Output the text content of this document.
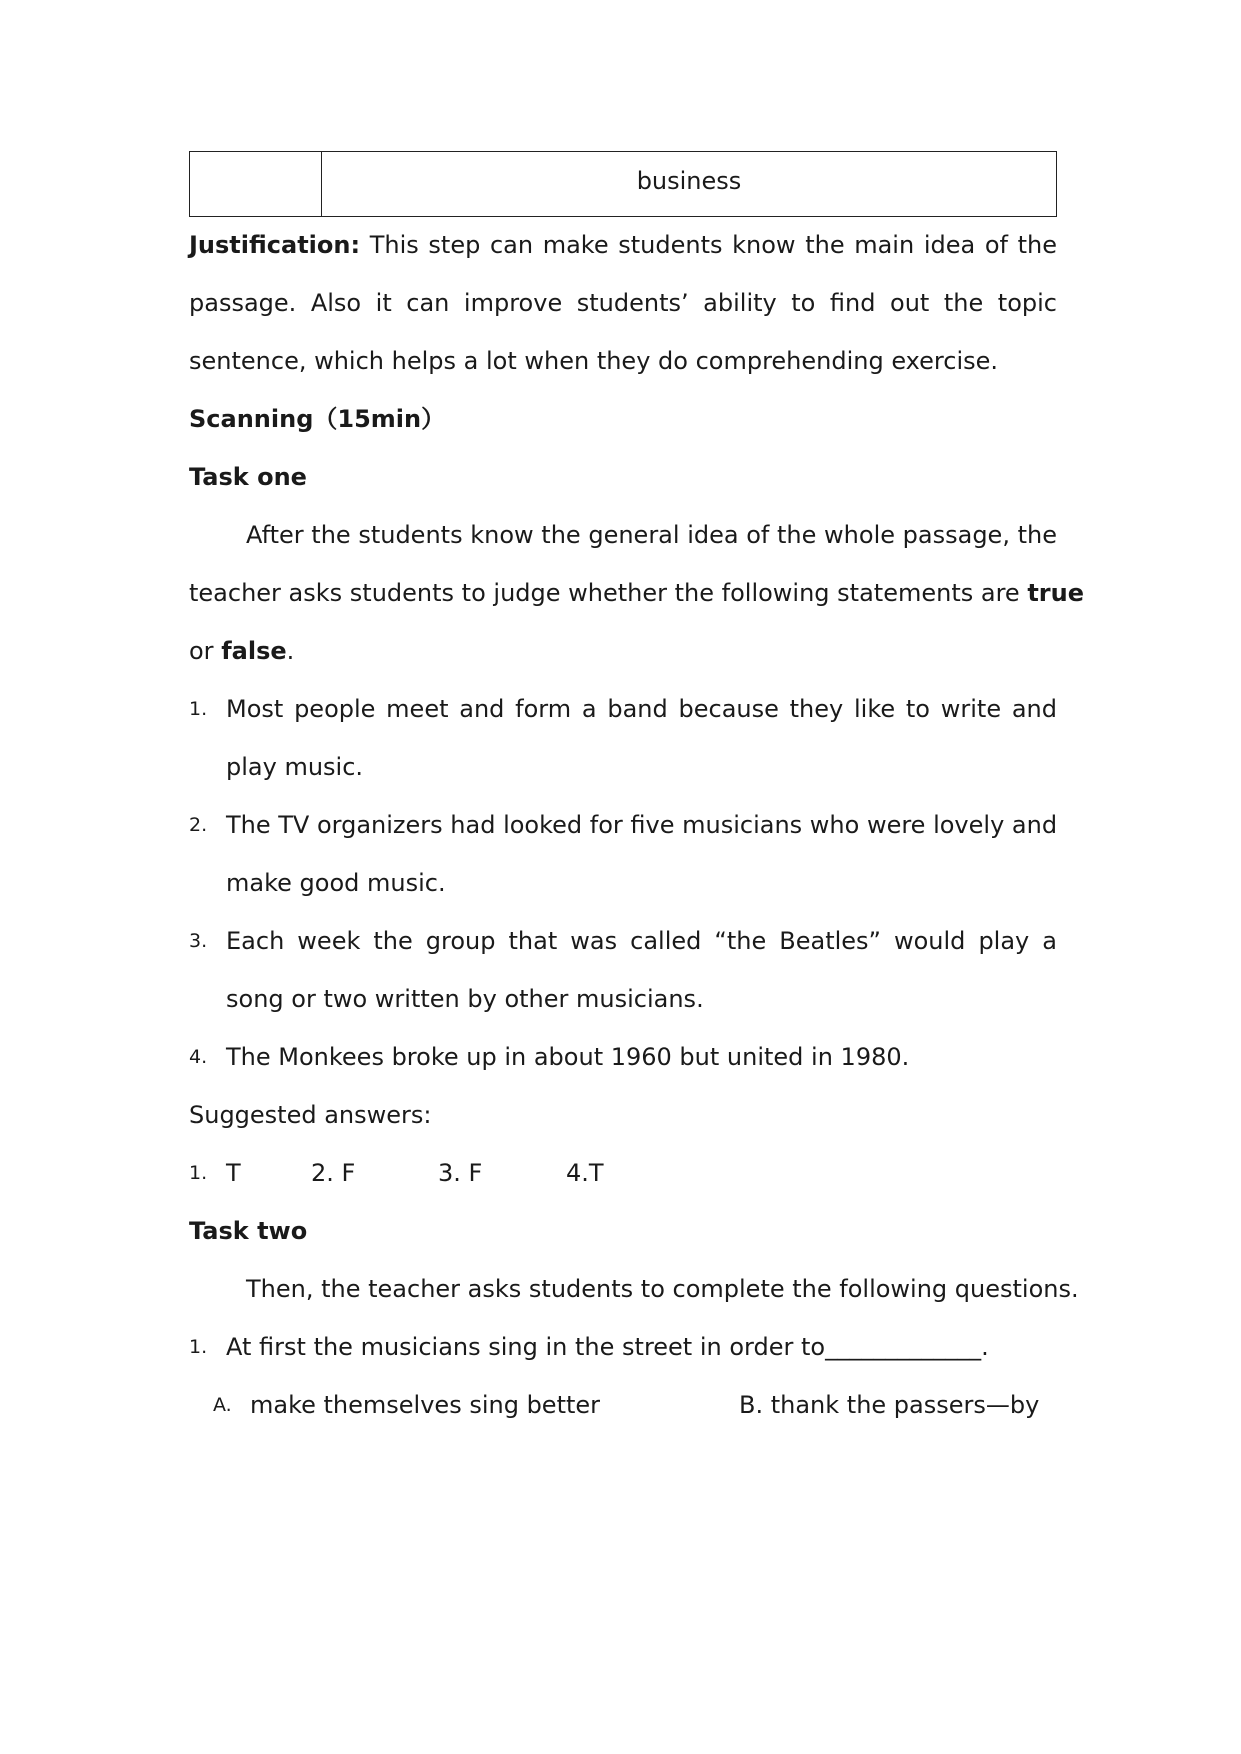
business
Justification: This step can make students know the main idea of the
passage. Also it can improve students’ ability to find out the topic
sentence, which helps a lot when they do comprehending exercise.
Scanning（15min）
Task one
After the students know the general idea of the whole passage, the
teacher asks students to judge whether the following statements are true
or false.
1. Most people meet and form a band because they like to write and
play music.
2. The TV organizers had looked for five musicians who were lovely and
make good music.
3. Each week the group that was called “the Beatles” would play a
song or two written by other musicians.
4. The Monkees broke up in about 1960 but united in 1980.
Suggested answers:
1. T	2. F	3. F	4.T
Task two
Then, the teacher asks students to complete the following questions.
1. At first the musicians sing in the street in order to_____________.
A. make themselves sing better	B. thank the passers—by
